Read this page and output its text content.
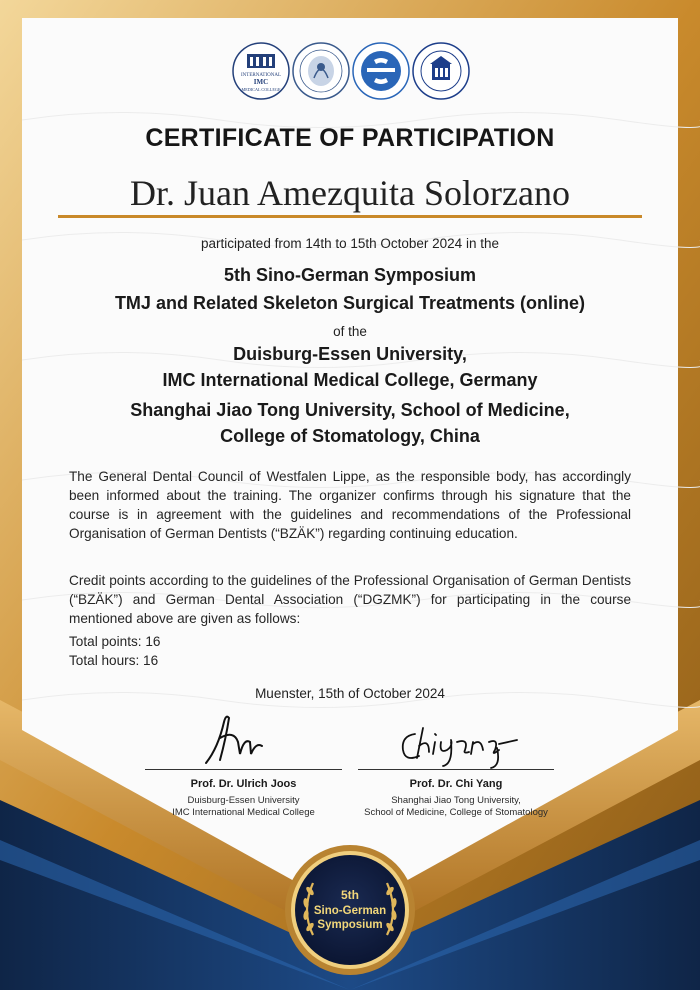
INTERNATIONAL
IMC
MEDICAL COLLEGE
CERTIFICATE OF PARTICIPATION
Dr. Juan Amezquita Solorzano
participated from 14th to 15th October 2024 in the
5th Sino-German Symposium
TMJ and Related Skeleton Surgical Treatments (online)
of the
Duisburg-Essen University,
IMC International Medical College, Germany
Shanghai Jiao Tong University, School of Medicine,
College of Stomatology, China

The General Dental Council of Westfalen Lippe, as the responsible body, has accordingly been informed about the training. The organizer confirms through his signature that the course is in agreement with the guidelines and recommendations of the Professional Organisation of German Dentists (“BZÄK”) regarding continuing education.

Credit points according to the guidelines of the Professional Organisation of German Dentists (“BZÄK”) and German Dental Association (“DGZMK”) for participating in the course mentioned above are given as follows:

Total points: 16

Total hours: 16

Muenster, 15th of October 2024
Prof. Dr. Ulrich Joos
Duisburg-Essen University
IMC International Medical College
Prof. Dr. Chi Yang
Shanghai Jiao Tong University,
School of Medicine, College of Stomatology
5th
Sino-German
Symposium
